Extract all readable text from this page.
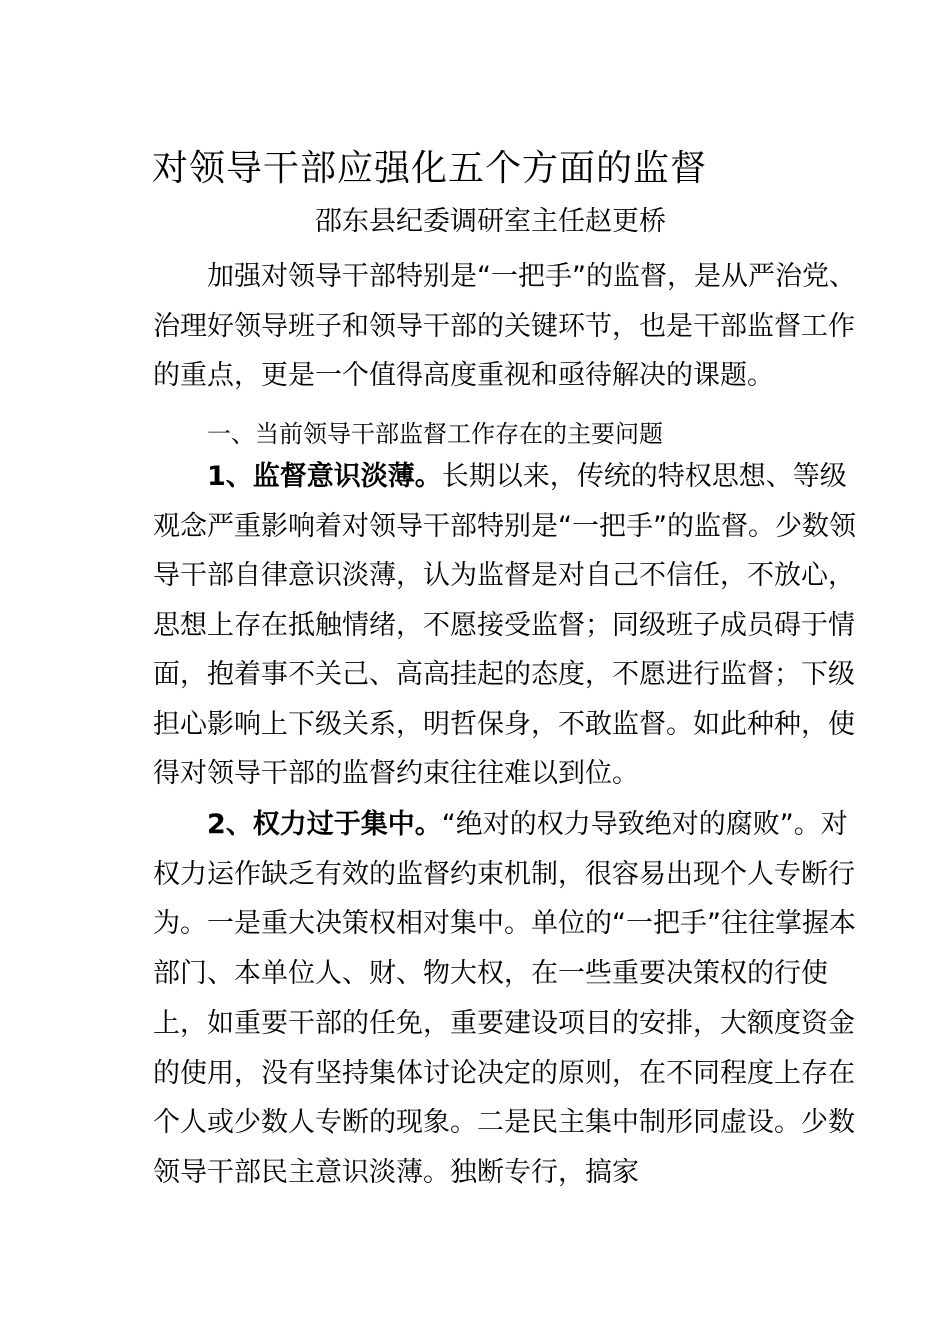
对领导干部应强化五个方面的监督
邵东县纪委调研室主任赵更桥

加强对领导干部特别是“一把手”的监督，是从严治党、治理好领导班子和领导干部的关键环节，也是干部监督工作的重点，更是一个值得高度重视和亟待解决的课题。

一、当前领导干部监督工作存在的主要问题

1、监督意识淡薄。长期以来，传统的特权思想、等级观念严重影响着对领导干部特别是“一把手”的监督。少数领导干部自律意识淡薄，认为监督是对自己不信任，不放心，思想上存在抵触情绪，不愿接受监督；同级班子成员碍于情面，抱着事不关己、高高挂起的态度，不愿进行监督；下级担心影响上下级关系，明哲保身，不敢监督。如此种种，使得对领导干部的监督约束往往难以到位。

2、权力过于集中。“绝对的权力导致绝对的腐败”。对权力运作缺乏有效的监督约束机制，很容易出现个人专断行为。一是重大决策权相对集中。单位的“一把手”往往掌握本部门、本单位人、财、物大权，在一些重要决策权的行使上，如重要干部的任免，重要建设项目的安排，大额度资金的使用，没有坚持集体讨论决定的原则，在不同程度上存在个人或少数人专断的现象。二是民主集中制形同虚设。少数领导干部民主意识淡薄。独断专行，搞家
